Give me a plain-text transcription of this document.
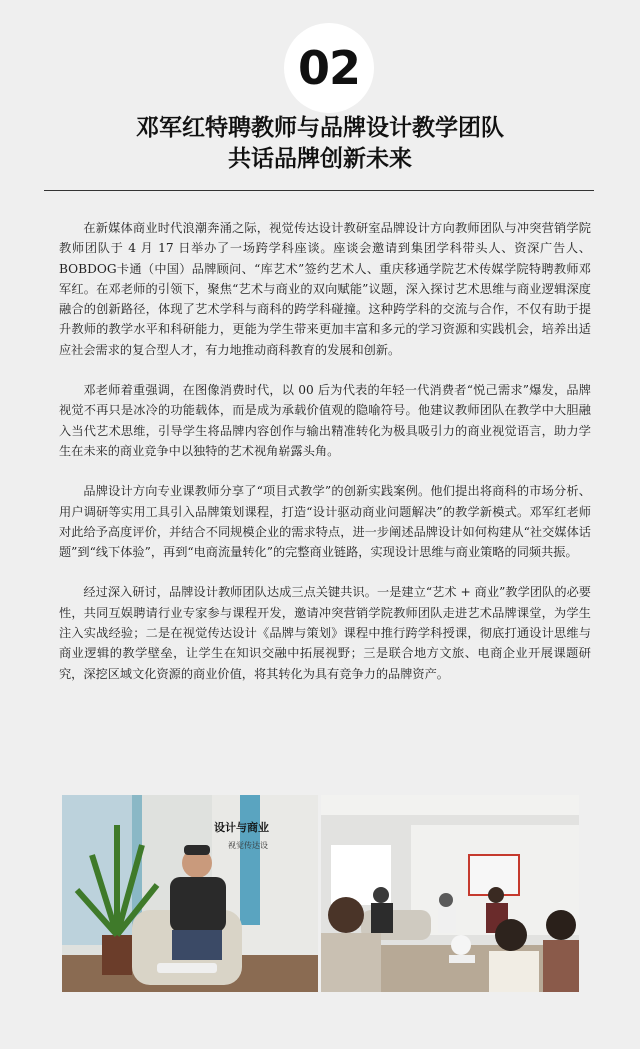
02
邓军红特聘教师与品牌设计教学团队
共话品牌创新未来

在新媒体商业时代浪潮奔涌之际，视觉传达设计教研室品牌设计方向教师团队与冲突营销学院教师团队于 4 月 17 日举办了一场跨学科座谈。座谈会邀请到集团学科带头人、资深广告人、BOBDOG卡通（中国）品牌顾问、“库艺术”签约艺术人、重庆移通学院艺术传媒学院特聘教师邓军红。在邓老师的引领下，聚焦“艺术与商业的双向赋能”议题，深入探讨艺术思维与商业逻辑深度融合的创新路径，体现了艺术学科与商科的跨学科碰撞。这种跨学科的交流与合作，不仅有助于提升教师的教学水平和科研能力，更能为学生带来更加丰富和多元的学习资源和实践机会，培养出适应社会需求的复合型人才，有力地推动商科教育的发展和创新。

邓老师着重强调，在图像消费时代，以 00 后为代表的年轻一代消费者“悦己需求”爆发，品牌视觉不再只是冰冷的功能载体，而是成为承载价值观的隐喻符号。他建议教师团队在教学中大胆融入当代艺术思维，引导学生将品牌内容创作与输出精准转化为极具吸引力的商业视觉语言，助力学生在未来的商业竞争中以独特的艺术视角崭露头角。

品牌设计方向专业课教师分享了“项目式教学”的创新实践案例。他们提出将商科的市场分析、用户调研等实用工具引入品牌策划课程，打造“设计驱动商业问题解决”的教学新模式。邓军红老师对此给予高度评价，并结合不同规模企业的需求特点，进一步阐述品牌设计如何构建从“社交媒体话题”到“线下体验”，再到“电商流量转化”的完整商业链路，实现设计思维与商业策略的同频共振。

经过深入研讨，品牌设计教师团队达成三点关键共识。一是建立“艺术 + 商业”教学团队的必要性，共同互娱聘请行业专家参与课程开发，邀请冲突营销学院教师团队走进艺术品牌课堂，为学生注入实战经验；二是在视觉传达设计《品牌与策划》课程中推行跨学科授课，彻底打通设计思维与商业逻辑的教学壁垒，让学生在知识交融中拓展视野；三是联合地方文旅、电商企业开展课题研究，深挖区域文化资源的商业价值，将其转化为具有竞争力的品牌资产。

设计与商业
视觉传达设
